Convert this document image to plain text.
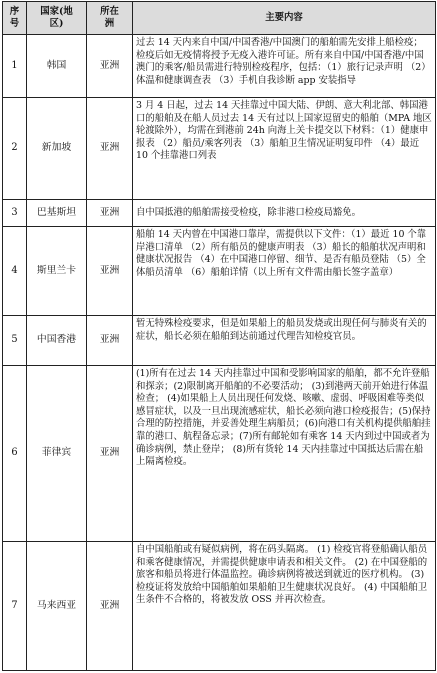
序
号	国家(地
区)	所在
洲	主要内容
1	韩国	亚洲	过去 14 天内来自中国/中国香港/中国澳门的船舶需先安排上船检疫；检疫后如无疫情将授予无疫入港许可证。所有来自中国/中国香港/中国澳门的乘客/船员需进行特别检疫程序，包括：（1）旅行记录声明 （2）体温和健康调查表 （3）手机自我诊断 app 安装指导
2	新加坡	亚洲	3 月 4 日起，过去 14 天挂靠过中国大陆、伊朗、意大利北部、韩国港口的船舶及在船人员过去 14 天有过以上国家逗留史的船舶（MPA 地区轮渡除外），均需在到港前 24h 向海上关卡提交以下材料：（1）健康申报表 （2）船员/乘客列表 （3）船舶卫生情况证明复印件 （4）最近 10 个挂靠港口列表
3	巴基斯坦	亚洲	自中国抵港的船舶需接受检疫，除非港口检疫局豁免。
4	斯里兰卡	亚洲	船舶 14 天内曾在中国港口靠岸，需提供以下文件：（1）最近 10 个靠岸港口清单 （2）所有船员的健康声明表 （3）船长的船舶状况声明和健康状况报告 （4）在中国港口停留、细节、是否有船员登陆 （5）全体船员清单 （6）船舶详情（以上所有文件需由船长签字盖章）
5	中国香港	亚洲	暂无特殊检疫要求，但是如果船上的船员发烧或出现任何与肺炎有关的症状，船长必须在船舶到达前通过代理告知检疫官员。
6	菲律宾	亚洲	(1)所有在过去 14 天内挂靠过中国和受影响国家的船舶，都不允许登船和探亲；(2)限制离开船舶的不必要活动； (3)到港两天前开始进行体温检查； (4)如果船上人员出现任何发烧、咳嗽、虚弱、呼吸困难等类似感冒症状，以及一旦出现流感症状，船长必须向港口检疫报告；(5)保持合理的防控措施，并妥善处理生病船员；(6)向港口有关机构提供船舶挂靠的港口、航程备忘录；(7)所有邮轮如有乘客 14 天内到过中国或者为确诊病例，禁止登岸； (8)所有货轮 14 天内挂靠过中国抵达后需在船上隔离检疫。
7	马来西亚	亚洲	自中国船舶或有疑似病例，将在码头隔离。 (1) 检疫官将登船确认船员和乘客健康情况，并需提供健康申请表和相关文件。 (2) 在中国登船的旅客和船员将进行体温监控。确诊病例将被送到就近的医疗机构。 (3) 检疫证将发放给中国船舶如果船舶卫生健康状况良好。 (4) 中国船舶卫生条件不合格的，将被发放 OSS 并再次检查。
